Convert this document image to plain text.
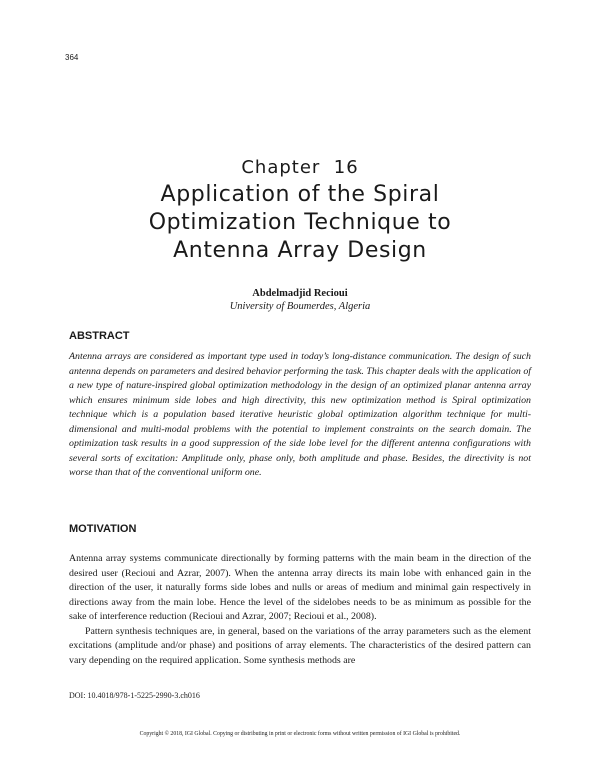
364
Chapter  16
Application of the Spiral
Optimization Technique to
Antenna Array Design
Abdelmadjid Recioui
University of Boumerdes, Algeria
ABSTRACT
Antenna arrays are considered as important type used in today’s long-distance communication. The design of such antenna depends on parameters and desired behavior performing the task. This chapter deals with the application of a new type of nature-inspired global optimization methodology in the design of an optimized planar antenna array which ensures minimum side lobes and high directivity, this new optimization method is Spiral optimization technique which is a population based iterative heuristic global optimization algorithm technique for multi-dimensional and multi-modal problems with the potential to implement constraints on the search domain. The optimization task results in a good suppression of the side lobe level for the different antenna configurations with several sorts of excitation: Amplitude only, phase only, both amplitude and phase. Besides, the directivity is not worse than that of the conventional uniform one.
MOTIVATION

Antenna array systems communicate directionally by forming patterns with the main beam in the direction of the desired user (Recioui and Azrar, 2007). When the antenna array directs its main lobe with enhanced gain in the direction of the user, it naturally forms side lobes and nulls or areas of medium and minimal gain respectively in directions away from the main lobe. Hence the level of the sidelobes needs to be as minimum as possible for the sake of interference reduction (Recioui and Azrar, 2007; Recioui et al., 2008).

Pattern synthesis techniques are, in general, based on the variations of the array parameters such as the element excitations (amplitude and/or phase) and positions of array elements. The characteristics of the desired pattern can vary depending on the required application. Some synthesis methods are

DOI: 10.4018/978-1-5225-2990-3.ch016
Copyright © 2018, IGI Global. Copying or distributing in print or electronic forms without written permission of IGI Global is prohibited.
